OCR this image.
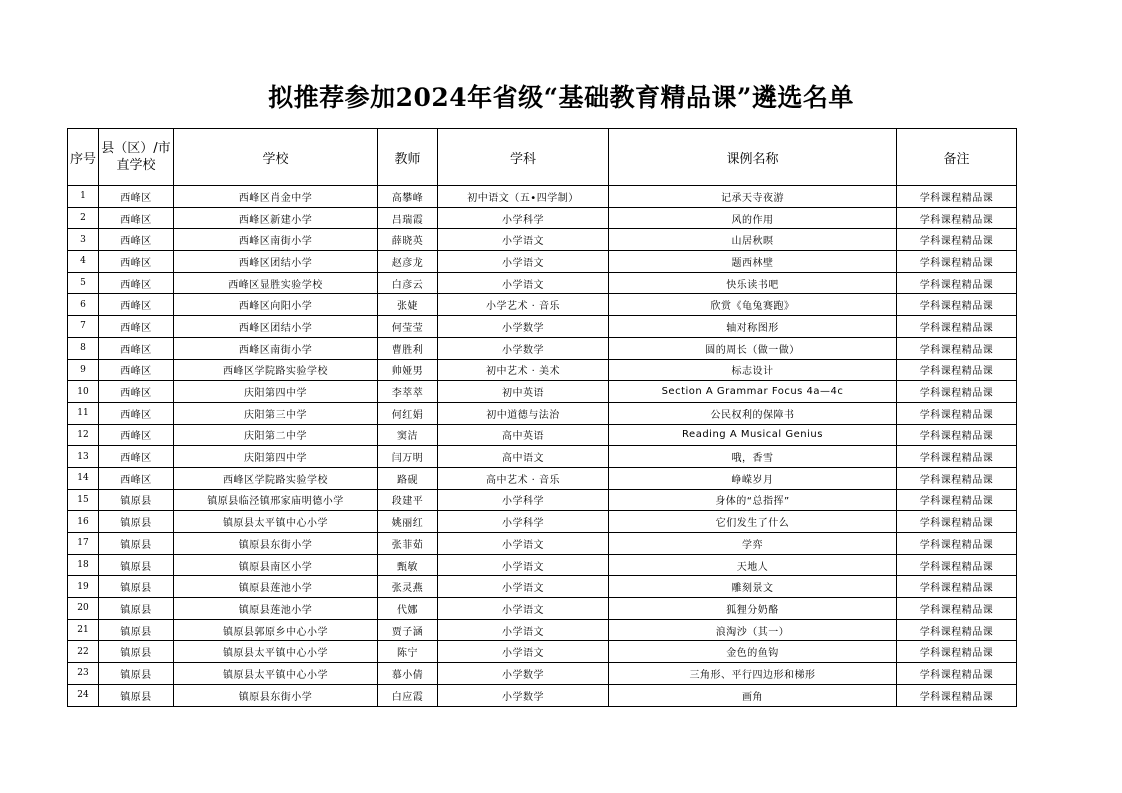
拟推荐参加2024年省级“基础教育精品课”遴选名单
序号	县（区）/市直学校	学校	教师	学科	课例名称	备注
1	西峰区	西峰区肖金中学	高攀峰	初中语文（五•四学制）	记承天寺夜游	学科课程精品课
2	西峰区	西峰区新建小学	吕瑞霞	小学科学	风的作用	学科课程精品课
3	西峰区	西峰区南街小学	薛晓英	小学语文	山居秋暝	学科课程精品课
4	西峰区	西峰区团结小学	赵彦龙	小学语文	题西林壁	学科课程精品课
5	西峰区	西峰区显胜实验学校	白彦云	小学语文	快乐读书吧	学科课程精品课
6	西峰区	西峰区向阳小学	张婕	小学艺术 · 音乐	欣赏《龟兔赛跑》	学科课程精品课
7	西峰区	西峰区团结小学	何莹莹	小学数学	轴对称图形	学科课程精品课
8	西峰区	西峰区南街小学	曹胜利	小学数学	圆的周长（做一做）	学科课程精品课
9	西峰区	西峰区学院路实验学校	帅娅男	初中艺术 · 美术	标志设计	学科课程精品课
10	西峰区	庆阳第四中学	李萃萃	初中英语	Section A Grammar Focus 4a—4c	学科课程精品课
11	西峰区	庆阳第三中学	何红娟	初中道德与法治	公民权利的保障书	学科课程精品课
12	西峰区	庆阳第二中学	窦洁	高中英语	Reading A Musical Genius	学科课程精品课
13	西峰区	庆阳第四中学	闫万明	高中语文	哦，香雪	学科课程精品课
14	西峰区	西峰区学院路实验学校	路砚	高中艺术 · 音乐	峥嵘岁月	学科课程精品课
15	镇原县	镇原县临泾镇邢家庙明德小学	段建平	小学科学	身体的“总指挥”	学科课程精品课
16	镇原县	镇原县太平镇中心小学	姚丽红	小学科学	它们发生了什么	学科课程精品课
17	镇原县	镇原县东街小学	张菲茹	小学语文	学弈	学科课程精品课
18	镇原县	镇原县南区小学	甄敏	小学语文	天地人	学科课程精品课
19	镇原县	镇原县莲池小学	张灵燕	小学语文	雕刻景文	学科课程精品课
20	镇原县	镇原县莲池小学	代娜	小学语文	狐狸分奶酪	学科课程精品课
21	镇原县	镇原县郭原乡中心小学	贾子涵	小学语文	浪淘沙（其一）	学科课程精品课
22	镇原县	镇原县太平镇中心小学	陈宁	小学语文	金色的鱼钩	学科课程精品课
23	镇原县	镇原县太平镇中心小学	慕小倩	小学数学	三角形、平行四边形和梯形	学科课程精品课
24	镇原县	镇原县东街小学	白应霞	小学数学	画角	学科课程精品课
